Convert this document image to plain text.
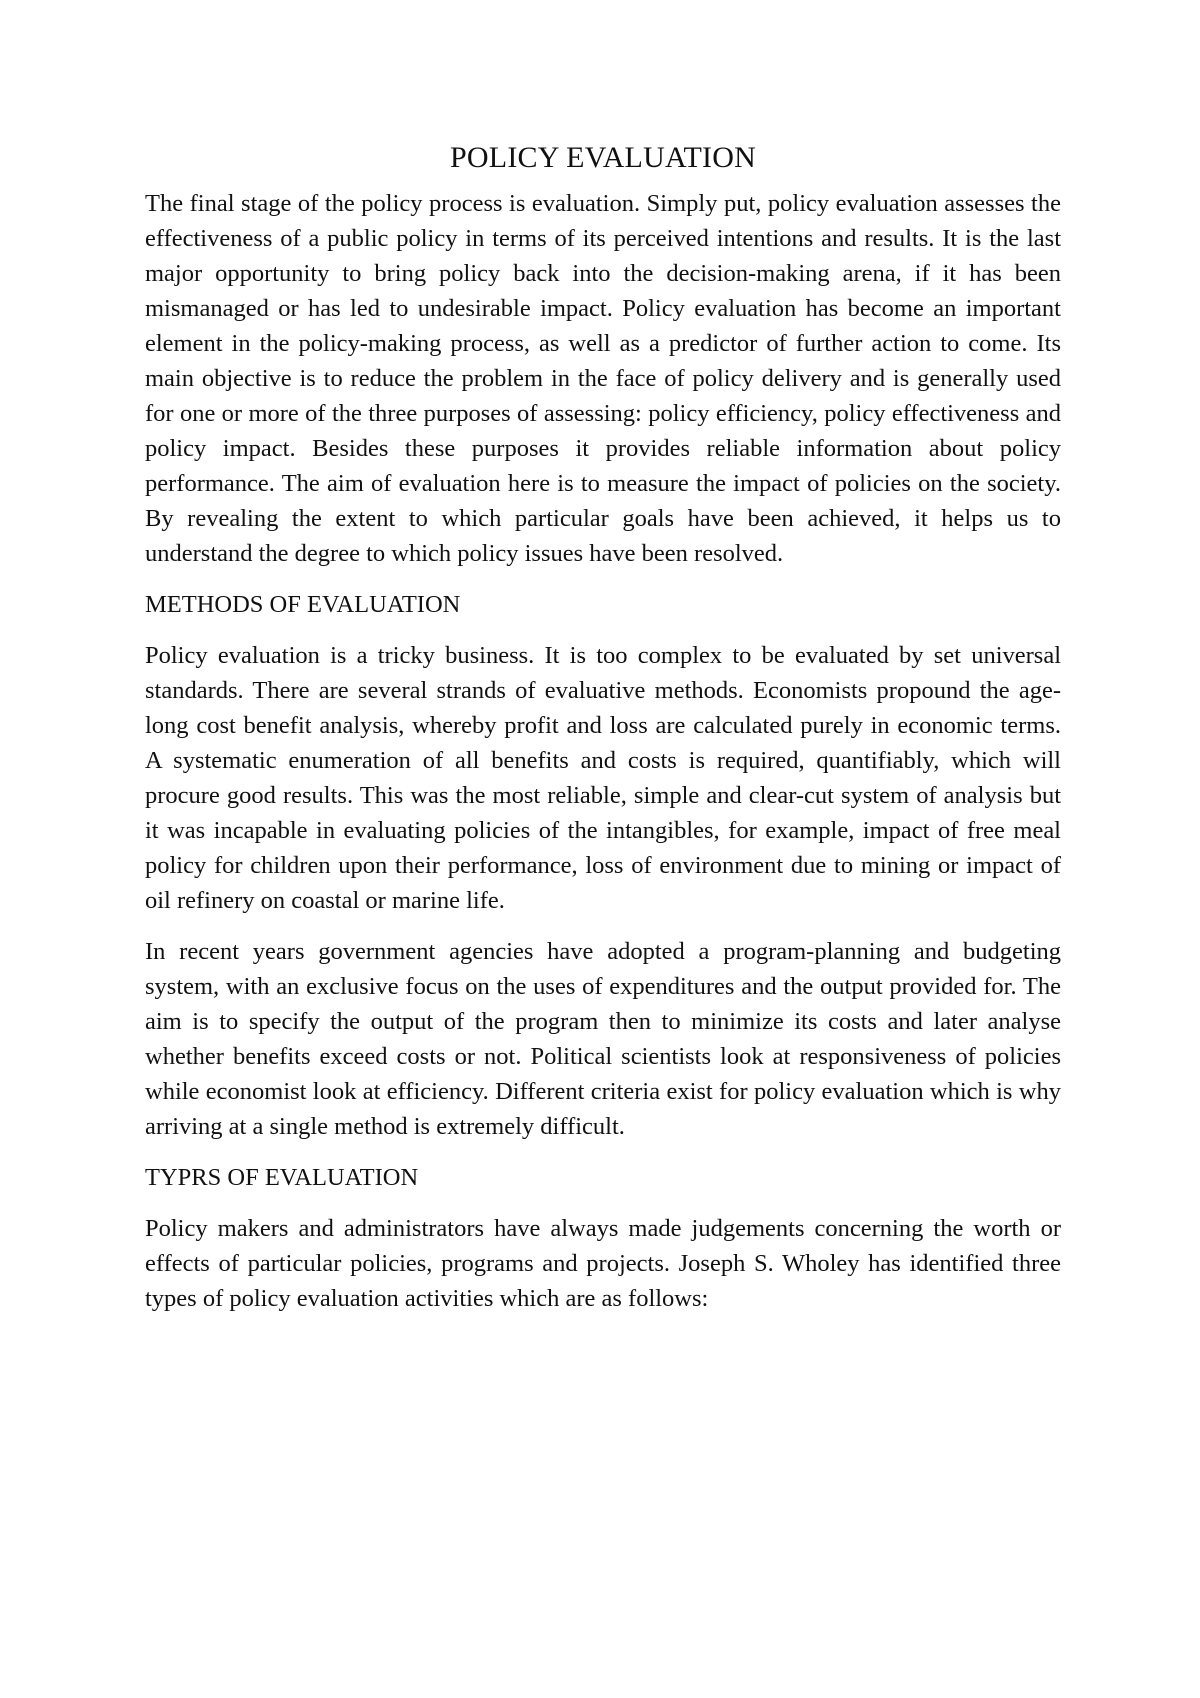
POLICY EVALUATION

The final stage of the policy process is evaluation. Simply put, policy evaluation assesses the effectiveness of a public policy in terms of its perceived intentions and results. It is the last major opportunity to bring policy back into the decision-making arena, if it has been mismanaged or has led to undesirable impact. Policy evaluation has become an important element in the policy-making process, as well as a predictor of further action to come. Its main objective is to reduce the problem in the face of policy delivery and is generally used for one or more of the three purposes of assessing: policy efficiency, policy effectiveness and policy impact. Besides these purposes it provides reliable information about policy performance. The aim of evaluation here is to measure the impact of policies on the society. By revealing the extent to which particular goals have been achieved, it helps us to understand the degree to which policy issues have been resolved.

METHODS OF EVALUATION

Policy evaluation is a tricky business. It is too complex to be evaluated by set universal standards. There are several strands of evaluative methods. Economists propound the age-long cost benefit analysis, whereby profit and loss are calculated purely in economic terms. A systematic enumeration of all benefits and costs is required, quantifiably, which will procure good results. This was the most reliable, simple and clear-cut system of analysis but it was incapable in evaluating policies of the intangibles, for example, impact of free meal policy for children upon their performance, loss of environment due to mining or impact of oil refinery on coastal or marine life.

In recent years government agencies have adopted a program-planning and budgeting system, with an exclusive focus on the uses of expenditures and the output provided for. The aim is to specify the output of the program then to minimize its costs and later analyse whether benefits exceed costs or not. Political scientists look at responsiveness of policies while economist look at efficiency. Different criteria exist for policy evaluation which is why arriving at a single method is extremely difficult.

TYPRS OF EVALUATION

Policy makers and administrators have always made judgements concerning the worth or effects of particular policies, programs and projects. Joseph S. Wholey has identified three types of policy evaluation activities which are as follows:
